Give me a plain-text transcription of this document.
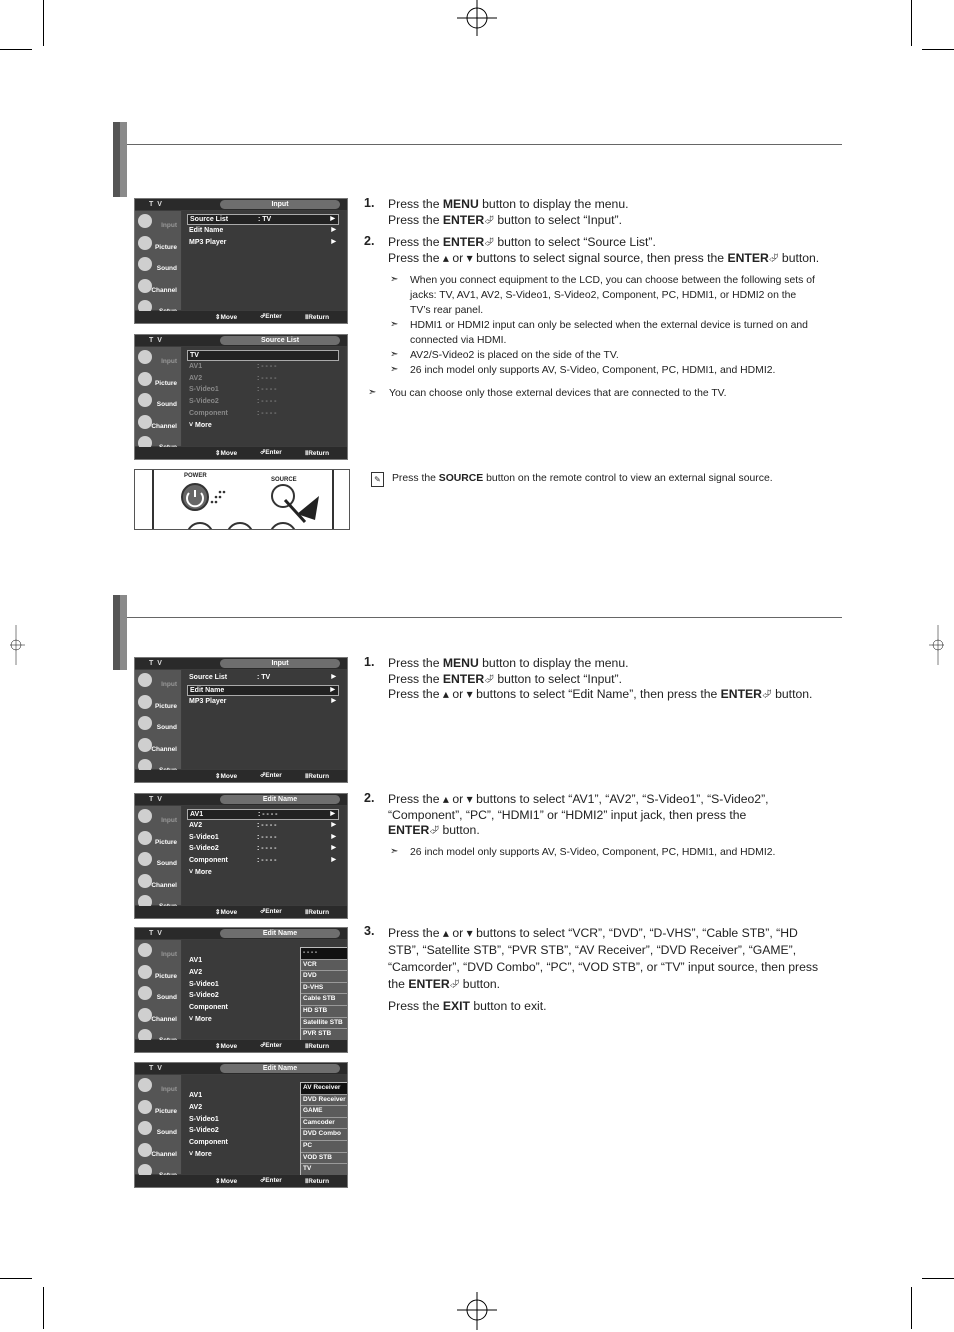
T V	Input
Input
Picture
Sound
Channel
Source List	: TV	▶
Edit Name	▶
MP3 Player	▶
⇕Move	⮰Enter	ⅡReturn
T V	Source List
Input
Picture
Sound
Channel
TV
AV1	: - - - -
AV2	: - - - -
S-Video1	: - - - -
S-Video2	: - - - -
Component	: - - - -
˅ More
⇕Move	⮰Enter	ⅡReturn
T V	Input
Input
Picture
Sound
Channel
Source List	: TV	▶
Edit Name	▶
MP3 Player	▶
⇕Move	⮰Enter	ⅡReturn
T V	Edit Name
Input
Picture
Sound
Channel
AV1	: - - - -	▶
AV2	: - - - -	▶
S-Video1	: - - - -	▶
S-Video2	: - - - -	▶
Component	: - - - -	▶
˅ More
⇕Move	⮰Enter	ⅡReturn
T V	Edit Name
Input
Picture
Sound
Channel
AV1
AV2
S-Video1
S-Video2
Component
˅ More
- - - -
VCR
DVD
D-VHS
Cable STB
HD STB
Satellite STB
PVR STB
⇕Move	⮰Enter	ⅡReturn
T V	Edit Name
Input
Picture
Sound
Channel
AV1
AV2
S-Video1
S-Video2
Component
˅ More
AV Receiver
DVD Receiver
GAME
Camcoder
DVD Combo
PC
VOD STB
TV
⇕Move	⮰Enter	ⅡReturn
POWER
SOURCE
1. Press the MENU button to display the menu.
Press the ENTER⮰ button to select “Input”.
2. Press the ENTER⮰ button to select “Source List”.
Press the ▴ or ▾ buttons to select signal source, then press the ENTER⮰ button.
When you connect equipment to the LCD, you can choose between the following sets of
➣
jacks: TV, AV1, AV2, S-Video1, S-Video2, Component, PC, HDMI1, or HDMI2 on the
TV’s rear panel.
HDMI1 or HDMI2 input can only be selected when the external device is turned on and
➣
connected via HDMI.
AV2/S-Video2 is placed on the side of the TV.
➣
26 inch model only supports AV, S-Video, Component, PC, HDMI1, and HDMI2.
➣
➣ You can choose only those external devices that are connected to the TV.
✎	Press the SOURCE button on the remote control to view an external signal source.
1. Press the MENU button to display the menu.
Press the ENTER⮰ button to select “Input”.
Press the ▴ or ▾ buttons to select “Edit Name”, then press the ENTER⮰ button.
2. Press the ▴ or ▾ buttons to select “AV1”, “AV2”, “S-Video1”, “S-Video2”,
“Component”, “PC”, “HDMI1” or “HDMI2” input jack, then press the
ENTER⮰ button.
➣ 26 inch model only supports AV, S-Video, Component, PC, HDMI1, and HDMI2.
3. Press the ▴ or ▾ buttons to select “VCR”, “DVD”, “D-VHS”, “Cable STB”, “HD
STB”, “Satellite STB”, “PVR STB”, “AV Receiver”, “DVD Receiver”, “GAME”,
“Camcorder”, “DVD Combo”, “PC”, “VOD STB”, or “TV” input source, then press
the ENTER⮰ button.
Press the EXIT button to exit.
